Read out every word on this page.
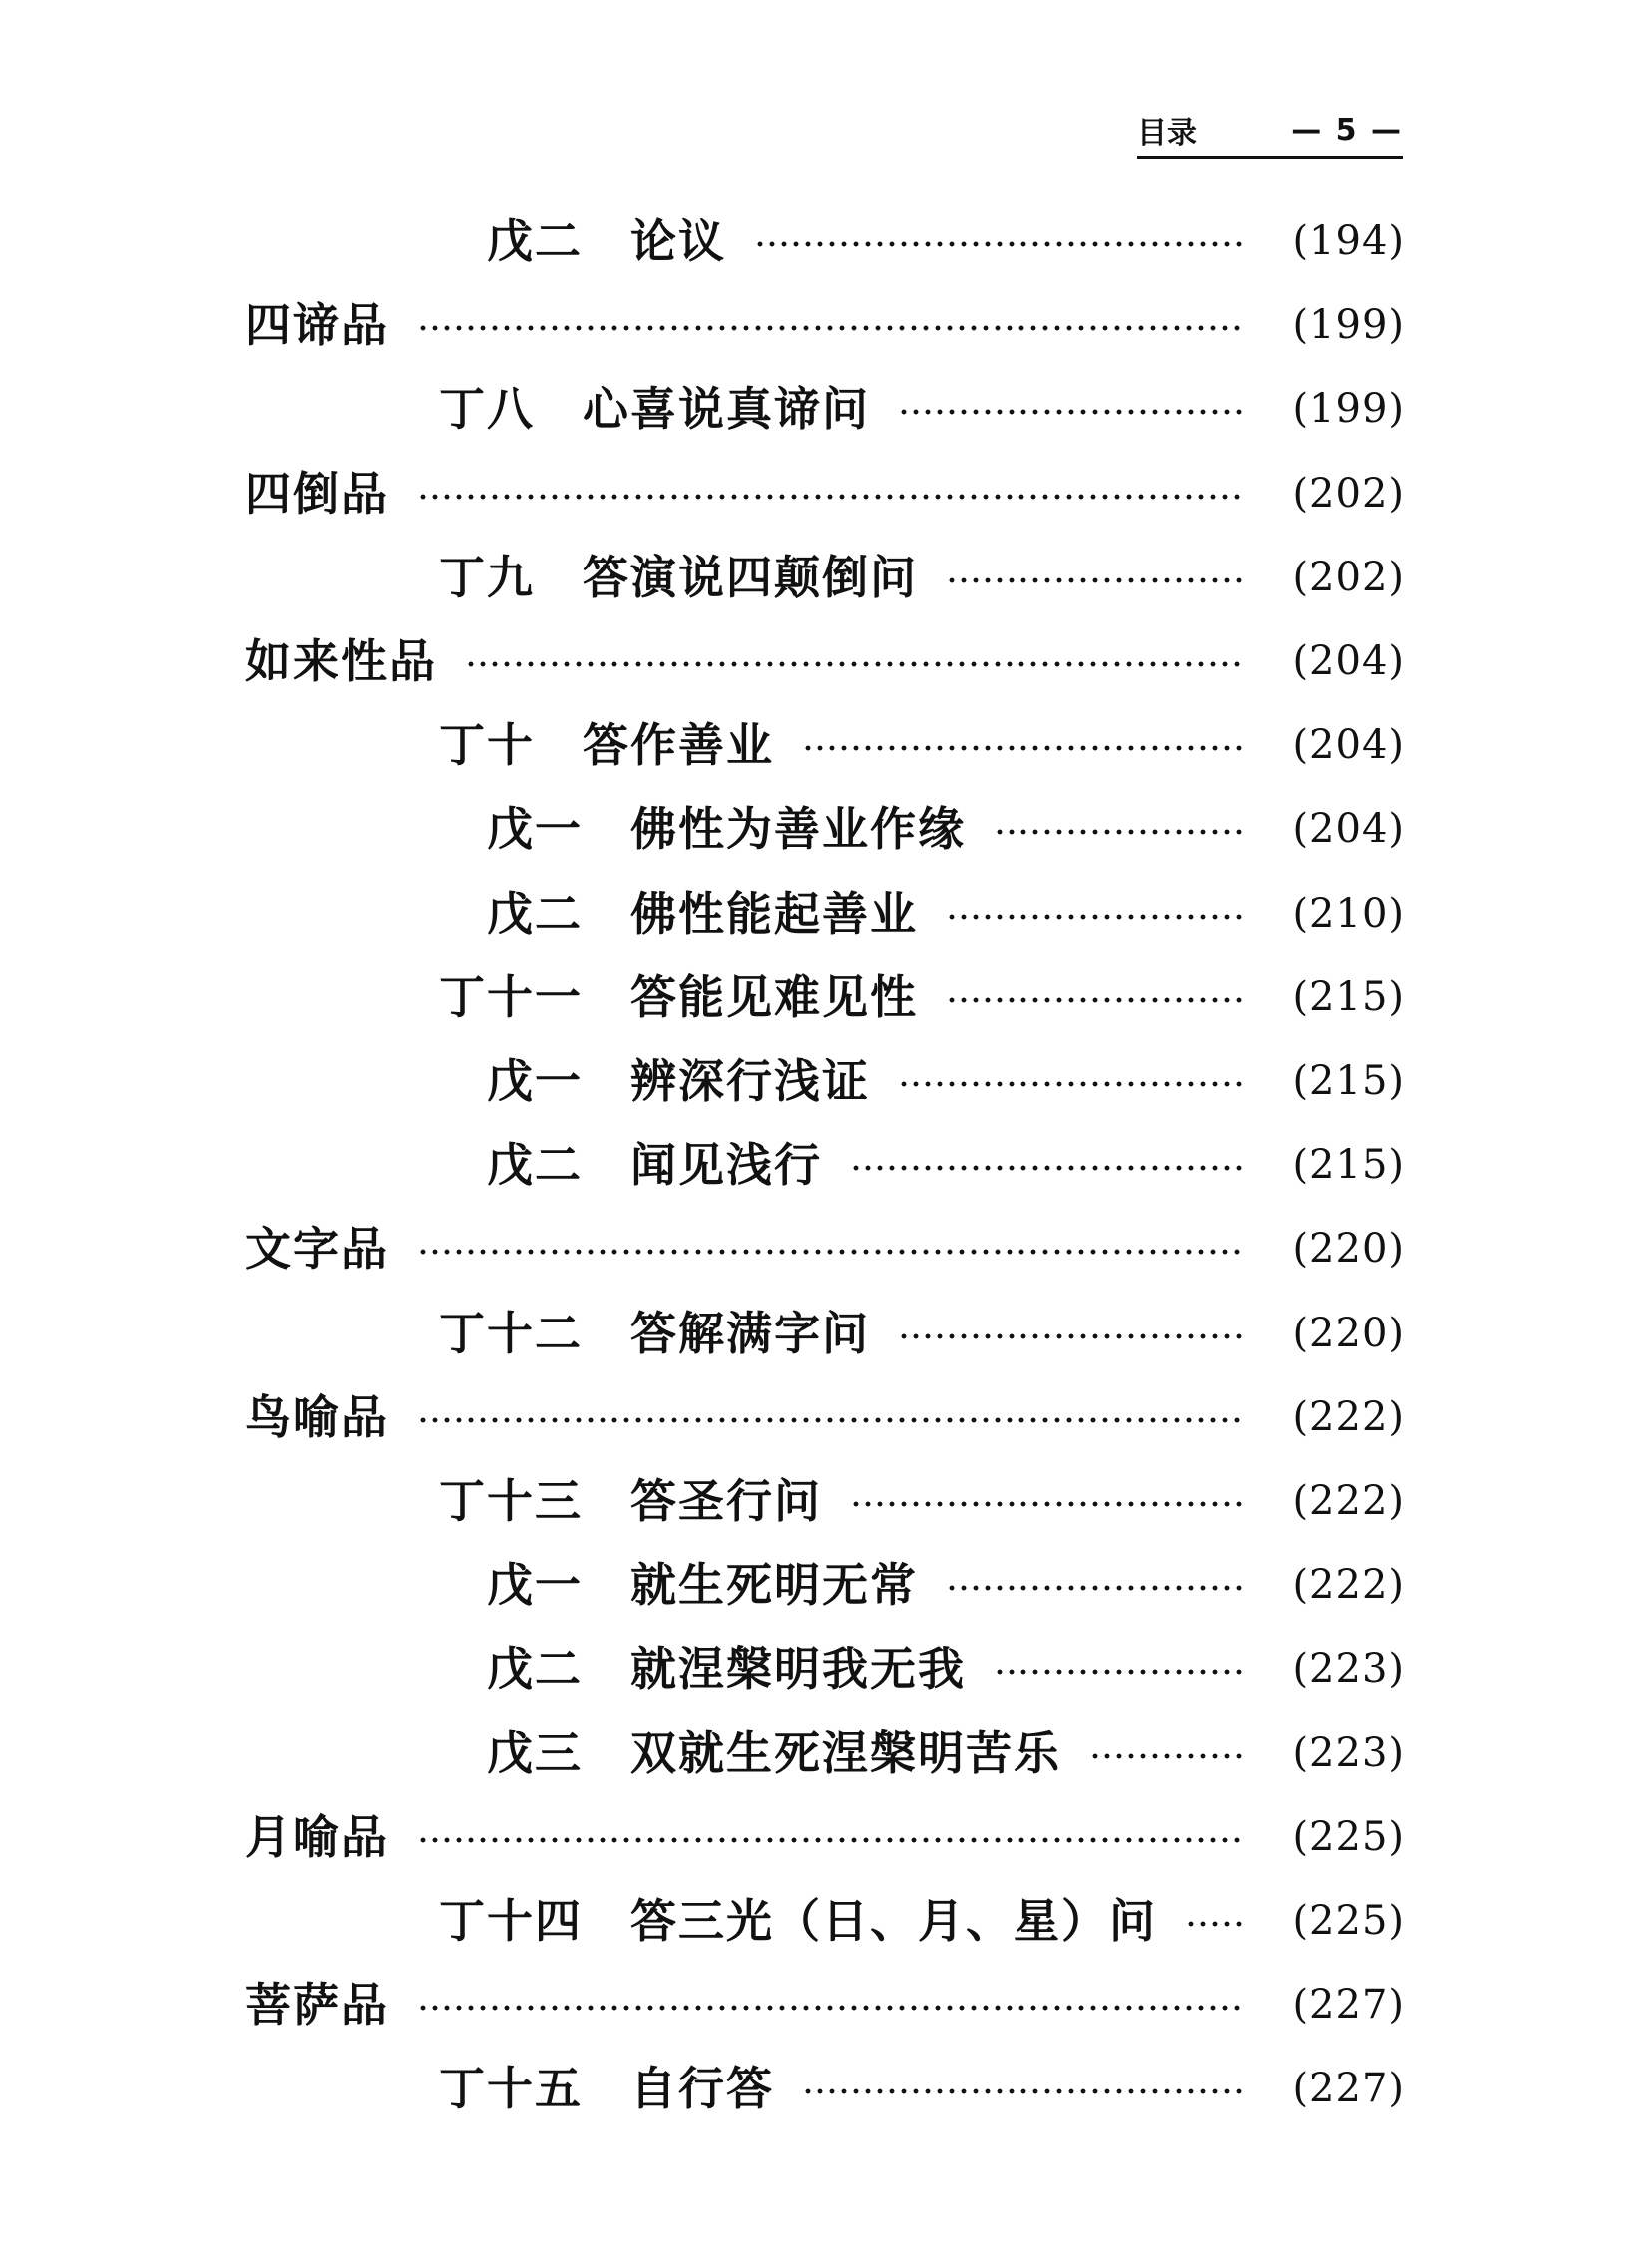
目录	— 5 —
戊二 论议	(194)
四谛品	(199)
丁八 心喜说真谛问	(199)
四倒品	(202)
丁九 答演说四颠倒问	(202)
如来性品	(204)
丁十 答作善业	(204)
戊一 佛性为善业作缘	(204)
戊二 佛性能起善业	(210)
丁十一 答能见难见性	(215)
戊一 辨深行浅证	(215)
戊二 闻见浅行	(215)
文字品	(220)
丁十二 答解满字问	(220)
鸟喻品	(222)
丁十三 答圣行问	(222)
戊一 就生死明无常	(222)
戊二 就涅槃明我无我	(223)
戊三 双就生死涅槃明苦乐	(223)
月喻品	(225)
丁十四 答三光（日、月、星）问	(225)
菩萨品	(227)
丁十五 自行答	(227)
